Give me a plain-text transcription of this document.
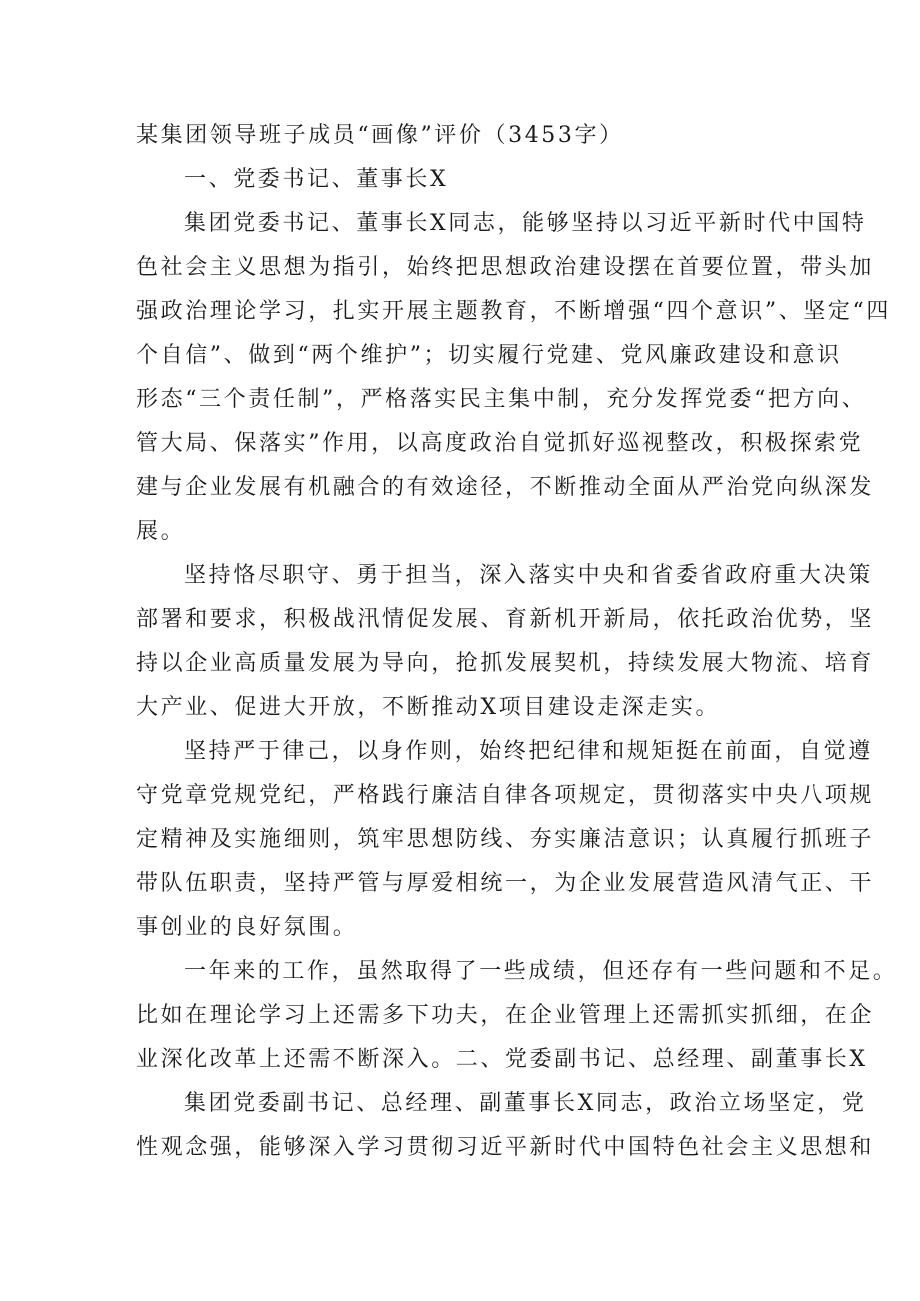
某集团领导班子成员“画像”评价（3453字）
一、党委书记、董事长X
集团党委书记、董事长X同志，能够坚持以习近平新时代中国特
色社会主义思想为指引，始终把思想政治建设摆在首要位置，带头加
强政治理论学习，扎实开展主题教育，不断增强“四个意识”、坚定“四
个自信”、做到“两个维护”；切实履行党建、党风廉政建设和意识
形态“三个责任制”，严格落实民主集中制，充分发挥党委“把方向、
管大局、保落实”作用，以高度政治自觉抓好巡视整改，积极探索党
建与企业发展有机融合的有效途径，不断推动全面从严治党向纵深发
展。
坚持恪尽职守、勇于担当，深入落实中央和省委省政府重大决策
部署和要求，积极战汛情促发展、育新机开新局，依托政治优势，坚
持以企业高质量发展为导向，抢抓发展契机，持续发展大物流、培育
大产业、促进大开放，不断推动X项目建设走深走实。
坚持严于律己，以身作则，始终把纪律和规矩挺在前面，自觉遵
守党章党规党纪，严格践行廉洁自律各项规定，贯彻落实中央八项规
定精神及实施细则，筑牢思想防线、夯实廉洁意识；认真履行抓班子
带队伍职责，坚持严管与厚爱相统一，为企业发展营造风清气正、干
事创业的良好氛围。
一年来的工作，虽然取得了一些成绩，但还存有一些问题和不足。
比如在理论学习上还需多下功夫，在企业管理上还需抓实抓细，在企
业深化改革上还需不断深入。二、党委副书记、总经理、副董事长X
集团党委副书记、总经理、副董事长X同志，政治立场坚定，党
性观念强，能够深入学习贯彻习近平新时代中国特色社会主义思想和
